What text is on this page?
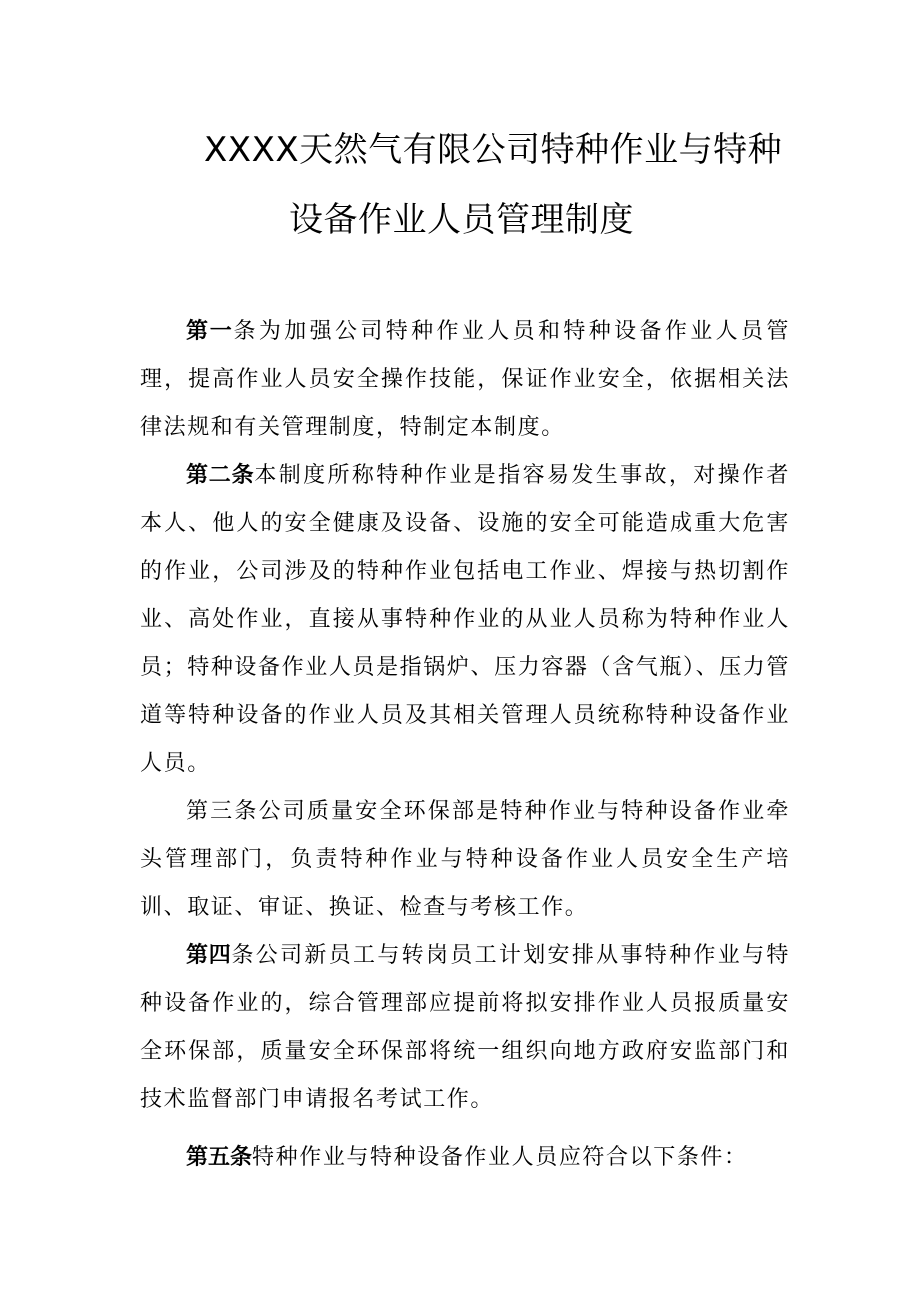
XXXX天然气有限公司特种作业与特种
设备作业人员管理制度

第一条为加强公司特种作业人员和特种设备作业人员管理，提高作业人员安全操作技能，保证作业安全，依据相关法律法规和有关管理制度，特制定本制度。

第二条本制度所称特种作业是指容易发生事故，对操作者本人、他人的安全健康及设备、设施的安全可能造成重大危害的作业，公司涉及的特种作业包括电工作业、焊接与热切割作业、高处作业，直接从事特种作业的从业人员称为特种作业人员；特种设备作业人员是指锅炉、压力容器（含气瓶）、压力管道等特种设备的作业人员及其相关管理人员统称特种设备作业人员。

第三条公司质量安全环保部是特种作业与特种设备作业牵头管理部门，负责特种作业与特种设备作业人员安全生产培训、取证、审证、换证、检查与考核工作。

第四条公司新员工与转岗员工计划安排从事特种作业与特种设备作业的，综合管理部应提前将拟安排作业人员报质量安全环保部，质量安全环保部将统一组织向地方政府安监部门和技术监督部门申请报名考试工作。

第五条特种作业与特种设备作业人员应符合以下条件：
